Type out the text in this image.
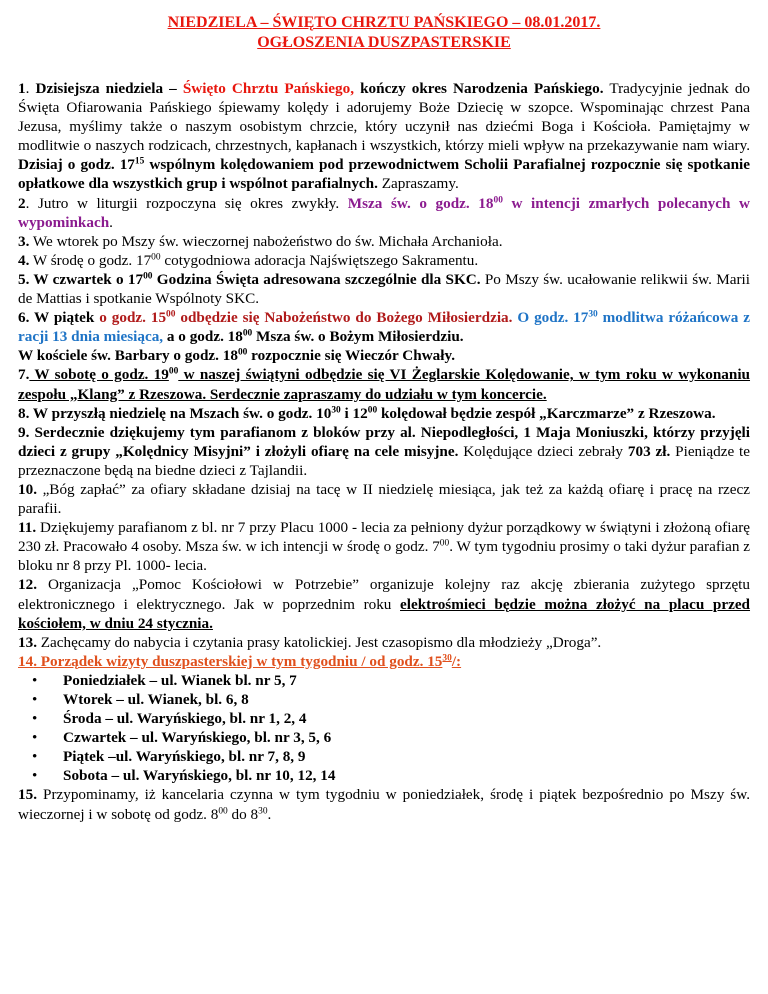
NIEDZIELA – ŚWIĘTO CHRZTU PAŃSKIEGO – 08.01.2017.
OGŁOSZENIA DUSZPASTERSKIE

1. Dzisiejsza niedziela – Święto Chrztu Pańskiego, kończy okres Narodzenia Pańskiego. Tradycyjnie jednak do Święta Ofiarowania Pańskiego śpiewamy kolędy i adorujemy Boże Dziecię w szopce. Wspominając chrzest Pana Jezusa, myślimy także o naszym osobistym chrzcie, który uczynił nas dziećmi Boga i Kościoła. Pamiętajmy w modlitwie o naszych rodzicach, chrzestnych, kapłanach i wszystkich, którzy mieli wpływ na przekazywanie nam wiary. Dzisiaj o godz. $17^{15}$ wspólnym kolędowaniem pod przewodnictwem Scholii Parafialnej rozpocznie się spotkanie opłatkowe dla wszystkich grup i wspólnot parafialnych. Zapraszamy.

2. Jutro w liturgii rozpoczyna się okres zwykły. Msza św. o godz. $18^{00}$ w intencji zmarłych polecanych w wypominkach.

3. We wtorek po Mszy św. wieczornej nabożeństwo do św. Michała Archanioła.

4. W środę o godz. $17^{00}$ cotygodniowa adoracja Najświętszego Sakramentu.

5. W czwartek o $17^{00}$ Godzina Święta adresowana szczególnie dla SKC. Po Mszy św. ucałowanie relikwii św. Marii de Mattias i spotkanie Wspólnoty SKC.

6. W piątek o godz. $15^{00}$ odbędzie się Nabożeństwo do Bożego Miłosierdzia. O godz. $17^{30}$ modlitwa różańcowa z racji 13 dnia miesiąca, a o godz. $18^{00}$ Msza św. o Bożym Miłosierdziu.

W kościele św. Barbary o godz. $18^{00}$ rozpocznie się Wieczór Chwały.

7. W sobotę o godz. $19^{00}$ w naszej świątyni odbędzie się VI Żeglarskie Kolędowanie, w tym roku w wykonaniu zespołu „Klang” z Rzeszowa. Serdecznie zapraszamy do udziału w tym koncercie.

8. W przyszłą niedzielę na Mszach św. o godz. $10^{30}$ i $12^{00}$ kolędował będzie zespół „Karczmarze” z Rzeszowa.

9. Serdecznie dziękujemy tym parafianom z bloków przy al. Niepodległości, 1 Maja Moniuszki, którzy przyjęli dzieci z grupy „Kolędnicy Misyjni” i złożyli ofiarę na cele misyjne. Kolędujące dzieci zebrały 703 zł. Pieniądze te przeznaczone będą na biedne dzieci z Tajlandii.

10. „Bóg zapłać” za ofiary składane dzisiaj na tacę w II niedzielę miesiąca, jak też za każdą ofiarę i pracę na rzecz parafii.

11. Dziękujemy parafianom z bl. nr 7 przy Placu 1000 - lecia za pełniony dyżur porządkowy w świątyni i złożoną ofiarę 230 zł. Pracowało 4 osoby. Msza św. w ich intencji w środę o godz. $7^{00}$. W tym tygodniu prosimy o taki dyżur parafian z bloku nr 8 przy Pl. 1000- lecia.

12. Organizacja „Pomoc Kościołowi w Potrzebie” organizuje kolejny raz akcję zbierania zużytego sprzętu elektronicznego i elektrycznego. Jak w poprzednim roku elektrośmieci będzie można złożyć na placu przed kościołem, w dniu 24 stycznia.

13. Zachęcamy do nabycia i czytania prasy katolickiej. Jest czasopismo dla młodzieży „Droga”.

14. Porządek wizyty duszpasterskiej w tym tygodniu / od godz. $15^{30}/$:

• Poniedziałek – ul. Wianek bl. nr 5, 7
• Wtorek – ul. Wianek, bl. 6, 8
• Środa – ul. Waryńskiego, bl. nr 1, 2, 4
• Czwartek – ul. Waryńskiego, bl. nr 3, 5, 6
• Piątek –ul. Waryńskiego, bl. nr 7, 8, 9
• Sobota – ul. Waryńskiego, bl. nr 10, 12, 14

15. Przypominamy, iż kancelaria czynna w tym tygodniu w poniedziałek, środę i piątek bezpośrednio po Mszy św. wieczornej i w sobotę od godz. $8^{00}$ do $8^{30}$.
